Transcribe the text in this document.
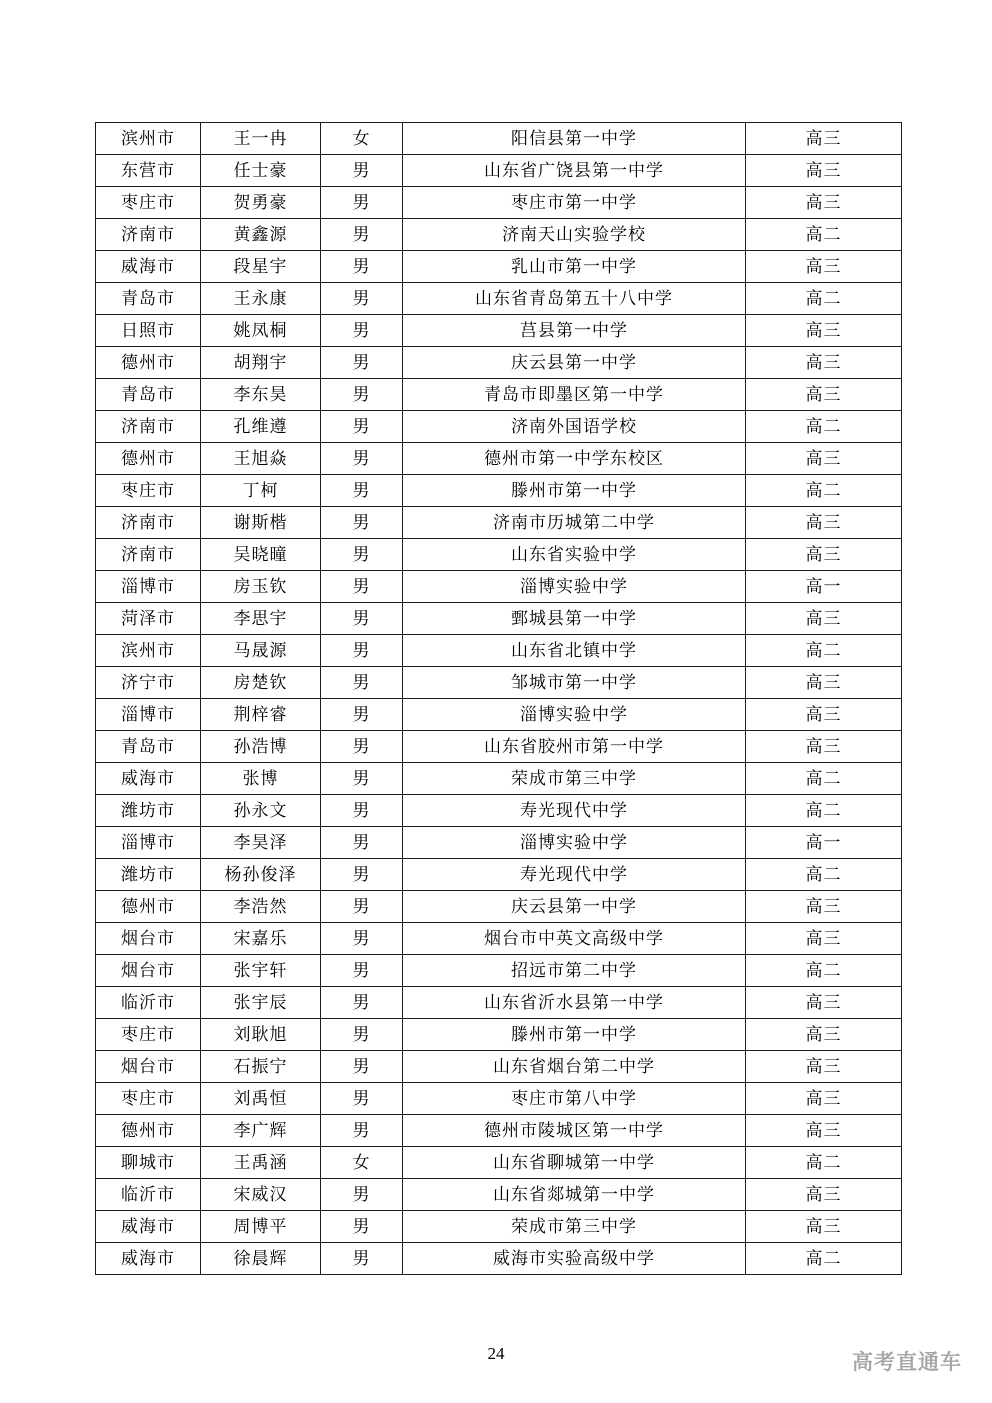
滨州市	王一冉	女	阳信县第一中学	高三
东营市	任士豪	男	山东省广饶县第一中学	高三
枣庄市	贺勇豪	男	枣庄市第一中学	高三
济南市	黄鑫源	男	济南天山实验学校	高二
威海市	段星宇	男	乳山市第一中学	高三
青岛市	王永康	男	山东省青岛第五十八中学	高二
日照市	姚凤桐	男	莒县第一中学	高三
德州市	胡翔宇	男	庆云县第一中学	高三
青岛市	李东昊	男	青岛市即墨区第一中学	高三
济南市	孔维遵	男	济南外国语学校	高二
德州市	王旭焱	男	德州市第一中学东校区	高三
枣庄市	丁柯	男	滕州市第一中学	高二
济南市	谢斯楷	男	济南市历城第二中学	高三
济南市	吴晓曈	男	山东省实验中学	高三
淄博市	房玉钦	男	淄博实验中学	高一
菏泽市	李思宇	男	鄄城县第一中学	高三
滨州市	马晟源	男	山东省北镇中学	高二
济宁市	房楚钦	男	邹城市第一中学	高三
淄博市	荆梓睿	男	淄博实验中学	高三
青岛市	孙浩博	男	山东省胶州市第一中学	高三
威海市	张博	男	荣成市第三中学	高二
潍坊市	孙永文	男	寿光现代中学	高二
淄博市	李昊泽	男	淄博实验中学	高一
潍坊市	杨孙俊泽	男	寿光现代中学	高二
德州市	李浩然	男	庆云县第一中学	高三
烟台市	宋嘉乐	男	烟台市中英文高级中学	高三
烟台市	张宇轩	男	招远市第二中学	高二
临沂市	张宇辰	男	山东省沂水县第一中学	高三
枣庄市	刘耿旭	男	滕州市第一中学	高三
烟台市	石振宁	男	山东省烟台第二中学	高三
枣庄市	刘禹恒	男	枣庄市第八中学	高三
德州市	李广辉	男	德州市陵城区第一中学	高三
聊城市	王禹涵	女	山东省聊城第一中学	高二
临沂市	宋威汉	男	山东省郯城第一中学	高三
威海市	周博平	男	荣成市第三中学	高三
威海市	徐晨辉	男	威海市实验高级中学	高二
24	高考直通车
